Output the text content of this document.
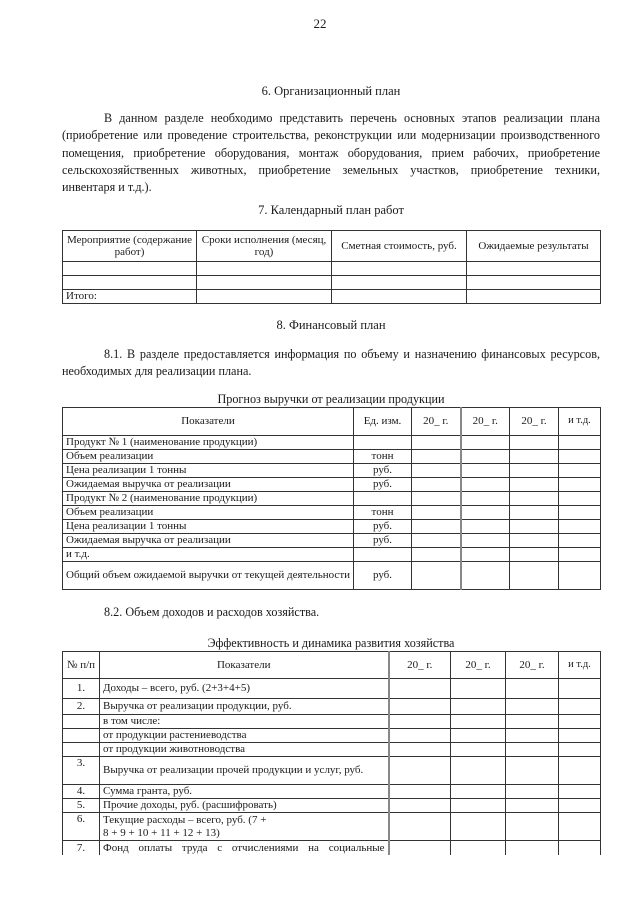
22
6. Организационный план
В данном разделе необходимо представить перечень основных этапов реализации плана (приобретение или проведение строительства, реконструкции или модернизации производственного помещения, приобретение оборудования, монтаж оборудования, прием рабочих, приобретение сельскохозяйственных животных, приобретение земельных участков, приобретение техники, инвентаря и т.д.).
7. Календарный план работ
Мероприятие (содержание работ)	Сроки исполнения (месяц, год)	Сметная стоимость, руб.	Ожидаемые результаты

Итого:			
8. Финансовый план
8.1. В разделе предоставляется информация по объему и назначению финансовых ресурсов, необходимых для реализации плана.
Прогноз выручки от реализации продукции
Показатели	Ед. изм.	20_ г.	20_ г.	20_ г.	и т.д.
Продукт № 1 (наименование продукции)					
Объем реализации	тонн				
Цена реализации 1 тонны	руб.				
Ожидаемая выручка от реализации	руб.				
Продукт № 2 (наименование продукции)					
Объем реализации	тонн				
Цена реализации 1 тонны	руб.				
Ожидаемая выручка от реализации	руб.				
и т.д.					
Общий объем ожидаемой выручки от текущей деятельности	руб.				
8.2. Объем доходов и расходов хозяйства.
Эффективность и динамика развития хозяйства
№ п/п	Показатели	20_ г.	20_ г.	20_ г.	и т.д.
1.	Доходы – всего, руб. (2+3+4+5)				
2.	Выручка от реализации продукции, руб.				
	в том числе:				
	от продукции растениеводства				
	от продукции животноводства				
3.	Выручка от реализации прочей продукции и услуг, руб.				
4.	Сумма гранта, руб.				
5.	Прочие доходы, руб. (расшифровать)				
6.	Текущие расходы – всего, руб. (7 + 8 + 9 + 10 + 11 + 12 + 13)				
7.	Фонд оплаты труда с отчислениями на социальные				
